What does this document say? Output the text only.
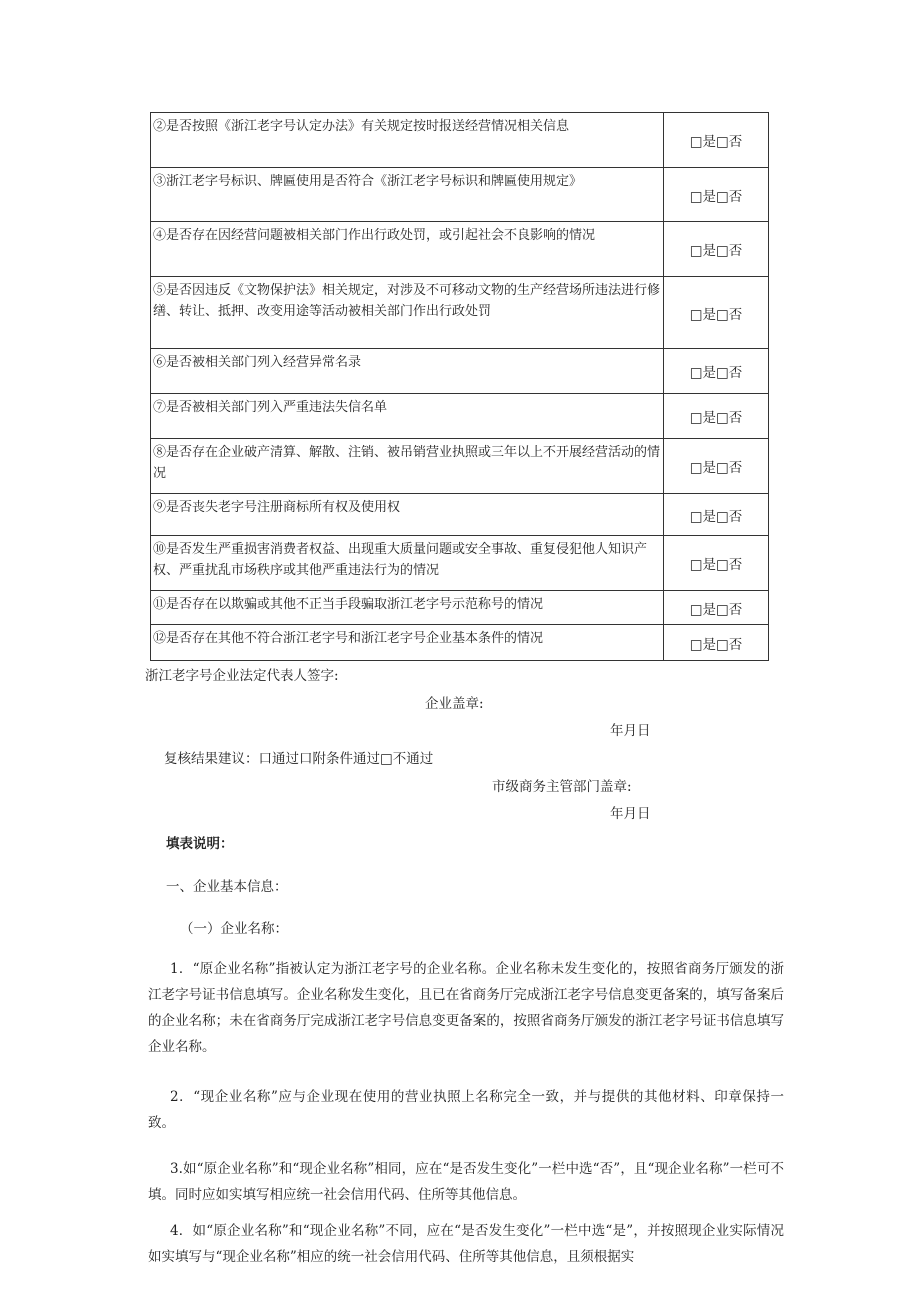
②是否按照《浙江老字号认定办法》有关规定按时报送经营情况相关信息	□是□否
③浙江老字号标识、牌匾使用是否符合《浙江老字号标识和牌匾使用规定》	□是□否
④是否存在因经营问题被相关部门作出行政处罚，或引起社会不良影响的情况	□是□否
⑤是否因违反《文物保护法》相关规定，对涉及不可移动文物的生产经营场所违法进行修缮、转让、抵押、改变用途等活动被相关部门作出行政处罚	□是□否
⑥是否被相关部门列入经营异常名录	□是□否
⑦是否被相关部门列入严重违法失信名单	□是□否
⑧是否存在企业破产清算、解散、注销、被吊销营业执照或三年以上不开展经营活动的情况	□是□否
⑨是否丧失老字号注册商标所有权及使用权	□是□否
⑩是否发生严重损害消费者权益、出现重大质量问题或安全事故、重复侵犯他人知识产权、严重扰乱市场秩序或其他严重违法行为的情况	□是□否
⑪是否存在以欺骗或其他不正当手段骗取浙江老字号示范称号的情况	□是□否
⑫是否存在其他不符合浙江老字号和浙江老字号企业基本条件的情况	□是□否
浙江老字号企业法定代表人签字:
企业盖章:
年月日
复核结果建议：口通过口附条件通过□不通过
市级商务主管部门盖章:
年月日
填表说明：
一、企业基本信息：
（一）企业名称：
1．“原企业名称”指被认定为浙江老字号的企业名称。企业名称未发生变化的，按照省商务厅颁发的浙江老字号证书信息填写。企业名称发生变化，且已在省商务厅完成浙江老字号信息变更备案的，填写备案后的企业名称；未在省商务厅完成浙江老字号信息变更备案的，按照省商务厅颁发的浙江老字号证书信息填写企业名称。
2．“现企业名称”应与企业现在使用的营业执照上名称完全一致，并与提供的其他材料、印章保持一致。
3.如“原企业名称”和“现企业名称”相同，应在“是否发生变化”一栏中选“否”，且“现企业名称”一栏可不填。同时应如实填写相应统一社会信用代码、住所等其他信息。
4．如“原企业名称”和“现企业名称”不同，应在“是否发生变化”一栏中选“是”，并按照现企业实际情况如实填写与“现企业名称”相应的统一社会信用代码、住所等其他信息，且须根据实
